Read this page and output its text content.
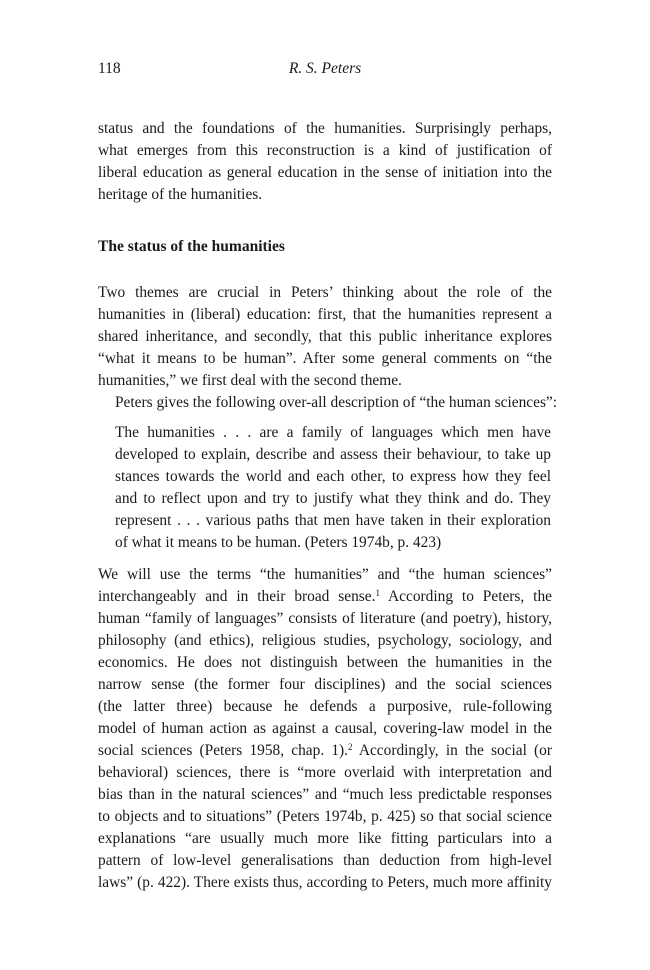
118	R. S. Peters
status and the foundations of the humanities. Surprisingly perhaps,
what emerges from this reconstruction is a kind of justification of
liberal education as general education in the sense of initiation into the
heritage of the humanities.
The status of the humanities
Two themes are crucial in Peters’ thinking about the role of the
humanities in (liberal) education: first, that the humanities represent a
shared inheritance, and secondly, that this public inheritance explores
“what it means to be human”. After some general comments on “the
humanities,” we first deal with the second theme.
Peters gives the following over-all description of “the human sciences”:
The humanities . . . are a family of languages which men have
developed to explain, describe and assess their behaviour, to take up
stances towards the world and each other, to express how they feel
and to reflect upon and try to justify what they think and do. They
represent . . . various paths that men have taken in their exploration
of what it means to be human. (Peters 1974b, p. 423)
We will use the terms “the humanities” and “the human sciences”
interchangeably and in their broad sense.$^1$ According to Peters, the
human “family of languages” consists of literature (and poetry), history,
philosophy (and ethics), religious studies, psychology, sociology, and
economics. He does not distinguish between the humanities in the
narrow sense (the former four disciplines) and the social sciences
(the latter three) because he defends a purposive, rule-following
model of human action as against a causal, covering-law model in the
social sciences (Peters 1958, chap. 1).$^2$ Accordingly, in the social (or
behavioral) sciences, there is “more overlaid with interpretation and
bias than in the natural sciences” and “much less predictable responses
to objects and to situations” (Peters 1974b, p. 425) so that social science
explanations “are usually much more like fitting particulars into a
pattern of low-level generalisations than deduction from high-level
laws” (p. 422). There exists thus, according to Peters, much more affinity
